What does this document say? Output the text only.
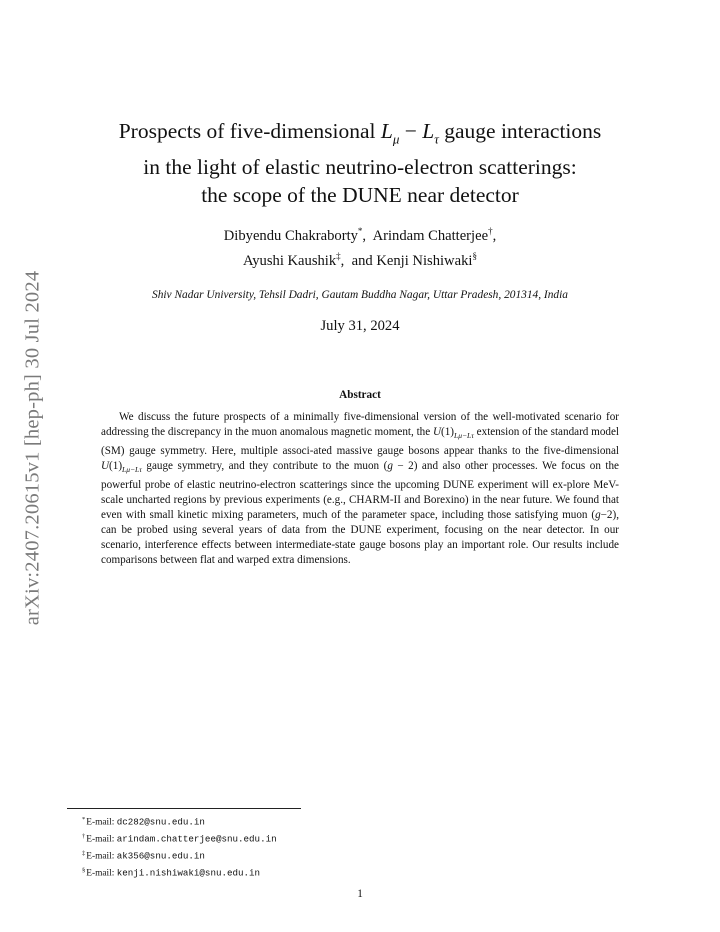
arXiv:2407.20615v1 [hep-ph] 30 Jul 2024
Prospects of five-dimensional $L_\mu - L_\tau$ gauge interactions
in the light of elastic neutrino-electron scatterings:
the scope of the DUNE near detector
Dibyendu Chakraborty*,  Arindam Chatterjee†,
Ayushi Kaushik‡,  and Kenji Nishiwaki§
Shiv Nadar University, Tehsil Dadri, Gautam Buddha Nagar, Uttar Pradesh, 201314, India
July 31, 2024
Abstract
We discuss the future prospects of a minimally five-dimensional version of the well-motivated scenario for addressing the discrepancy in the muon anomalous magnetic moment, the $U(1)_{L\mu-L\tau}$ extension of the standard model (SM) gauge symmetry. Here, multiple associ-ated massive gauge bosons appear thanks to the five-dimensional $U(1)_{L\mu-L\tau}$ gauge symmetry, and they contribute to the muon (g − 2) and also other processes. We focus on the powerful probe of elastic neutrino-electron scatterings since the upcoming DUNE experiment will ex-plore MeV-scale uncharted regions by previous experiments (e.g., CHARM-II and Borexino) in the near future. We found that even with small kinetic mixing parameters, much of the parameter space, including those satisfying muon (g−2), can be probed using several years of data from the DUNE experiment, focusing on the near detector. In our scenario, interference effects between intermediate-state gauge bosons play an important role. Our results include comparisons between flat and warped extra dimensions.
*E-mail: dc282@snu.edu.in
†E-mail: arindam.chatterjee@snu.edu.in
‡E-mail: ak356@snu.edu.in
§E-mail: kenji.nishiwaki@snu.edu.in
1
